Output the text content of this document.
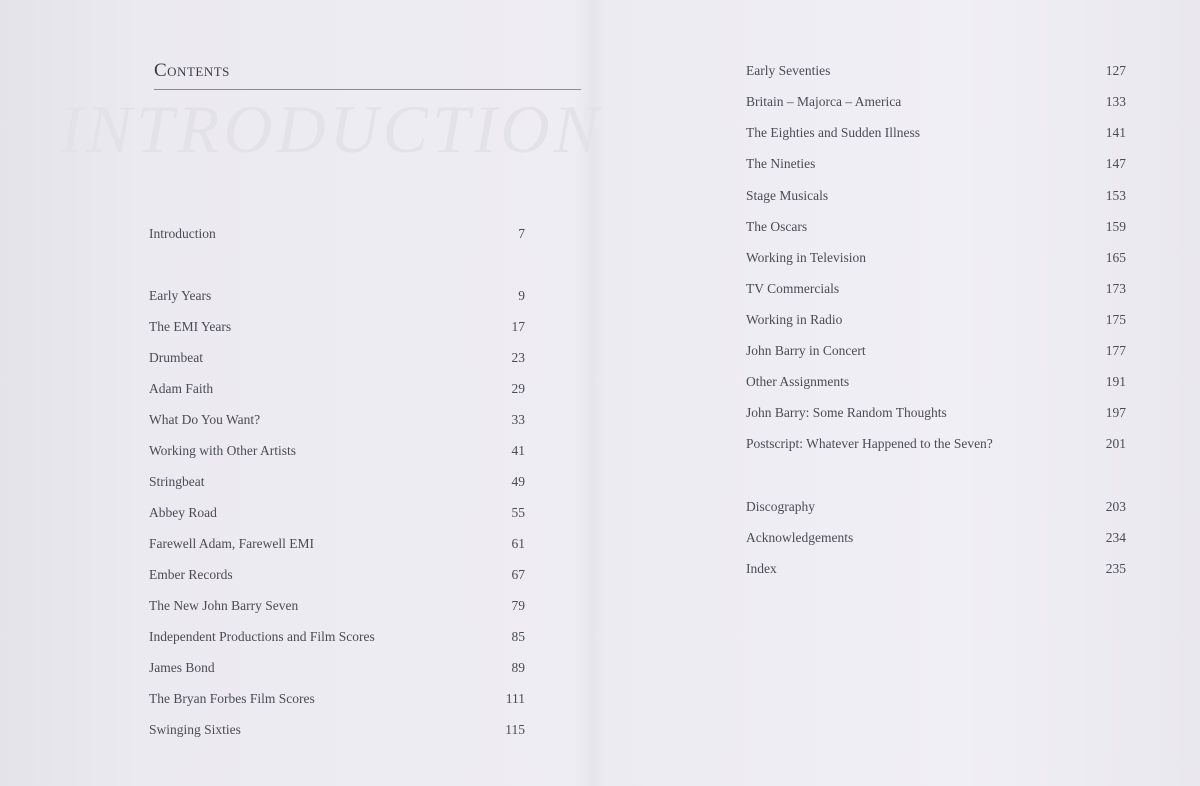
INTRODUCTION
Contents
Introduction	7
Early Years	9
The EMI Years	17
Drumbeat	23
Adam Faith	29
What Do You Want?	33
Working with Other Artists	41
Stringbeat	49
Abbey Road	55
Farewell Adam, Farewell EMI	61
Ember Records	67
The New John Barry Seven	79
Independent Productions and Film Scores	85
James Bond	89
The Bryan Forbes Film Scores	111
Swinging Sixties	115
Early Seventies	127
Britain – Majorca – America	133
The Eighties and Sudden Illness	141
The Nineties	147
Stage Musicals	153
The Oscars	159
Working in Television	165
TV Commercials	173
Working in Radio	175
John Barry in Concert	177
Other Assignments	191
John Barry: Some Random Thoughts	197
Postscript: Whatever Happened to the Seven?	201
Discography	203
Acknowledgements	234
Index	235
